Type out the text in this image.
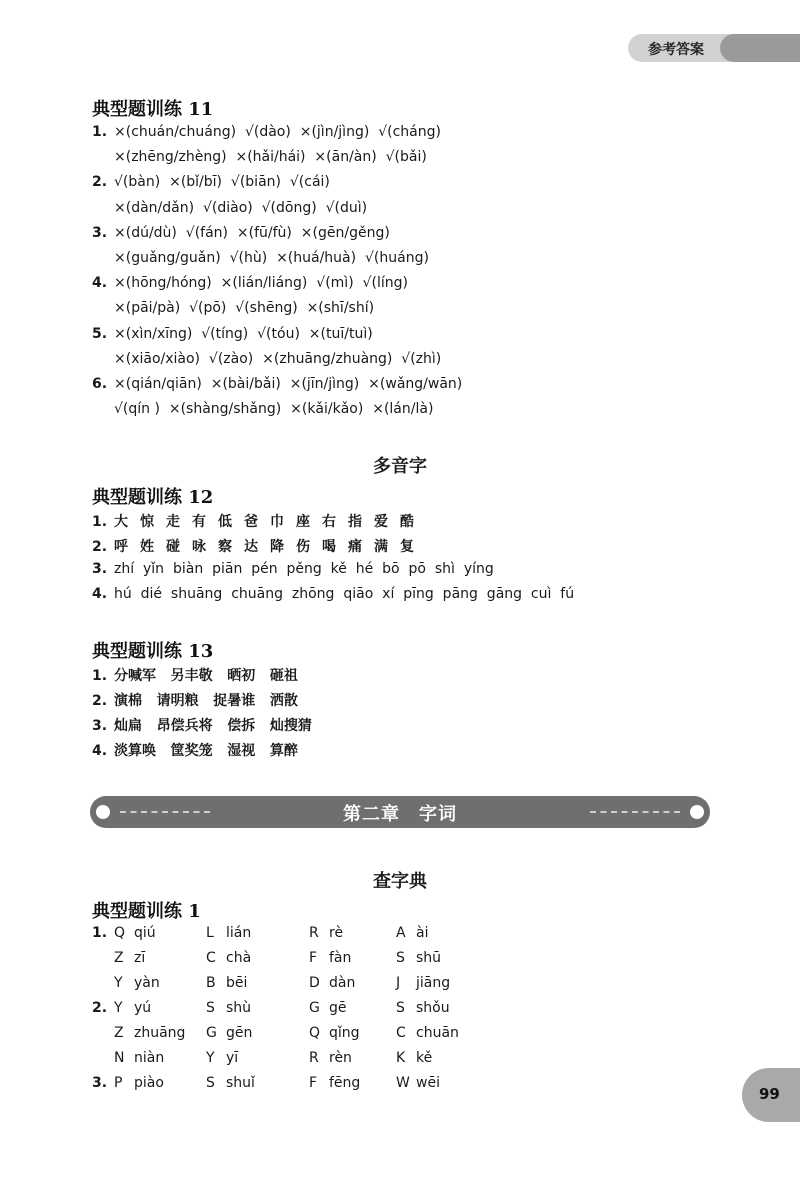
参考答案
典型题训练 11
1. ×(chuán/chuáng)  √(dào)  ×(jìn/jìng)  √(cháng)
×(zhēng/zhèng)  ×(hǎi/hái)  ×(ān/àn)  √(bǎi)
2. √(bàn)  ×(bǐ/bī)  √(biān)  √(cái)
×(dàn/dǎn)  √(diào)  √(dōng)  √(duì)
3. ×(dú/dù)  √(fán)  ×(fū/fù)  ×(gēn/gěng)
×(guǎng/guǎn)  √(hù)  ×(huá/huà)  √(huáng)
4. ×(hōng/hóng)  ×(lián/liáng)  √(mì)  √(líng)
×(pāi/pà)  √(pō)  √(shēng)  ×(shī/shí)
5. ×(xìn/xīng)  √(tíng)  √(tóu)  ×(tuī/tuì)
×(xiāo/xiào)  √(zào)  ×(zhuāng/zhuàng)  √(zhì)
6. ×(qián/qiān)  ×(bài/bǎi)  ×(jīn/jìng)  ×(wǎng/wān)
√(qín )  ×(shàng/shǎng)  ×(kǎi/kǎo)  ×(lán/là)
多音字
典型题训练 12
1. 大 惊 走 有 低 爸 巾 座 右 指 爱 酷
2. 呼 姓 碰 咏 察 达 降 伤 喝 痛 满 复
3. zhí  yǐn  biàn  piān  pén  pěng  kě  hé  bō  pō  shì  yíng
4. hú  dié  shuāng  chuāng  zhōng  qiāo  xí  pīng  pāng  gāng  cuì  fú
典型题训练 13
1. 分喊军   另丰敬   晒初   砸祖
2. 演棉   请明粮   捉暑谁   洒散
3. 灿扁   昂偿兵将   偿拆   灿搜猜
4. 淡算唤   筐奖笼   湿视   算醉
第二章　字词
查字典
典型题训练 1
1. Q qiú	L lián	R rè	A ài
Z zī	C chà	F fàn	S shū
Y yàn	B bēi	D dàn	J jiāng
2. Y yú	S shù	G gē	S shǒu
Z zhuāng G gēn	Q qǐng	C chuān
N niàn	Y yī	R rèn	K kě
3. P piào	S shuǐ	F fēng	W wēi
99
